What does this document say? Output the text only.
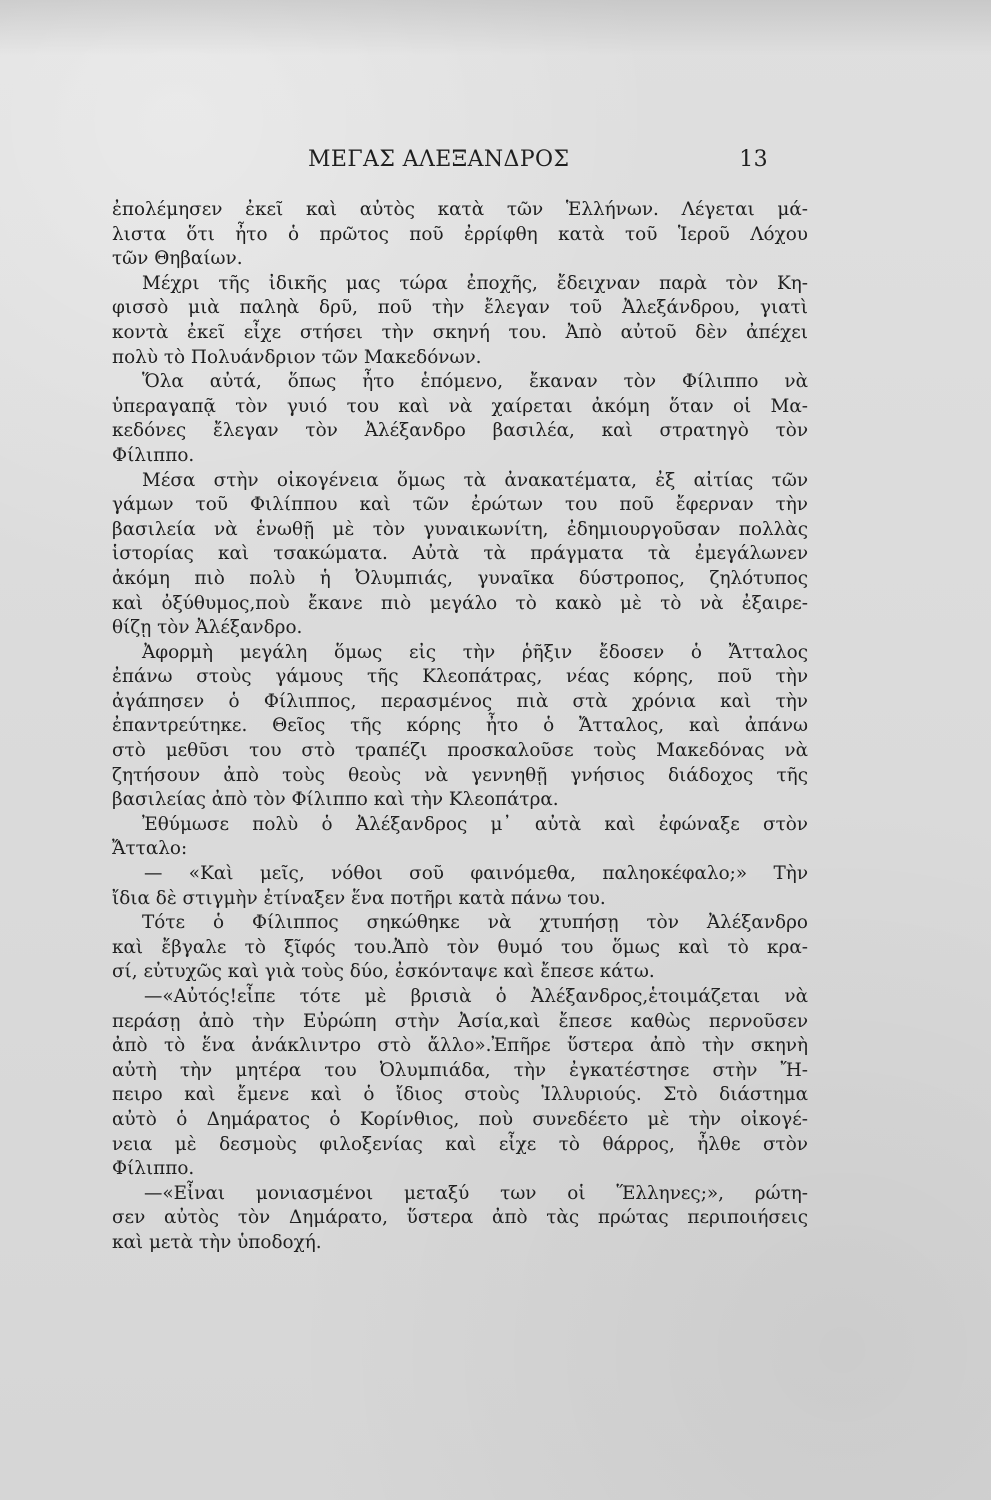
ΜΕΓΑΣ ΑΛΕΞΑΝΔΡΟΣ	13
ἐπολέμησεν ἐκεῖ καὶ αὐτὸς κατὰ τῶν Ἑλλήνων. Λέγεται μά-
λιστα ὅτι ἦτο ὁ πρῶτος ποῦ ἐρρίφθη κατὰ τοῦ Ἱεροῦ Λόχου
τῶν Θηβαίων.
Μέχρι τῆς ἰδικῆς μας τώρα ἐποχῆς, ἔδειχναν παρὰ τὸν Κη-
φισσὸ μιὰ παληὰ δρῦ, ποῦ τὴν ἔλεγαν τοῦ Ἀλεξάνδρου, γιατὶ
κοντὰ ἐκεῖ εἶχε στήσει τὴν σκηνή του. Ἀπὸ αὐτοῦ δὲν ἀπέχει
πολὺ τὸ Πολυάνδριον τῶν Μακεδόνων.
Ὅλα αὐτά, ὅπως ἦτο ἑπόμενο, ἔκαναν τὸν Φίλιππο νὰ
ὑπεραγαπᾷ τὸν γυιό του καὶ νὰ χαίρεται ἀκόμη ὅταν οἱ Μα-
κεδόνες ἔλεγαν τὸν Ἀλέξανδρο βασιλέα, καὶ στρατηγὸ τὸν
Φίλιππο.
Μέσα στὴν οἰκογένεια ὅμως τὰ ἀνακατέματα, ἐξ αἰτίας τῶν
γάμων τοῦ Φιλίππου καὶ τῶν ἐρώτων του ποῦ ἔφερναν τὴν
βασιλεία νὰ ἑνωθῇ μὲ τὸν γυναικωνίτη, ἐδημιουργοῦσαν πολλὰς
ἱστορίας καὶ τσακώματα. Αὐτὰ τὰ πράγματα τὰ ἐμεγάλωνεν
ἀκόμη πιὸ πολὺ ἡ Ὀλυμπιάς, γυναῖκα δύστροπος, ζηλότυπος
καὶ ὀξύθυμος,ποὺ ἔκανε πιὸ μεγάλο τὸ κακὸ μὲ τὸ νὰ ἐξαιρε-
θίζῃ τὸν Ἀλέξανδρο.
Ἀφορμὴ μεγάλη ὅμως εἰς τὴν ῥῆξιν ἔδοσεν ὁ Ἄτταλος
ἐπάνω στοὺς γάμους τῆς Κλεοπάτρας, νέας κόρης, ποῦ τὴν
ἀγάπησεν ὁ Φίλιππος, περασμένος πιὰ στὰ χρόνια καὶ τὴν
ἐπαντρεύτηκε. Θεῖος τῆς κόρης ἦτο ὁ Ἄτταλος, καὶ ἀπάνω
στὸ μεθῦσι του στὸ τραπέζι προσκαλοῦσε τοὺς Μακεδόνας νὰ
ζητήσουν ἀπὸ τοὺς θεοὺς νὰ γεννηθῇ γνήσιος διάδοχος τῆς
βασιλείας ἀπὸ τὸν Φίλιππο καὶ τὴν Κλεοπάτρα.
Ἐθύμωσε πολὺ ὁ Ἀλέξανδρος μ᾿ αὐτὰ καὶ ἐφώναξε στὸν
Ἄτταλο:
— «Καὶ μεῖς, νόθοι σοῦ φαινόμεθα, παληοκέφαλο;» Τὴν
ἴδια δὲ στιγμὴν ἐτίναξεν ἕνα ποτῆρι κατὰ πάνω του.
Τότε ὁ Φίλιππος σηκώθηκε νὰ χτυπήσῃ τὸν Ἀλέξανδρο
καὶ ἔβγαλε τὸ ξῖφός του.Ἀπὸ τὸν θυμό του ὅμως καὶ τὸ κρα-
σί, εὐτυχῶς καὶ γιὰ τοὺς δύο, ἐσκόνταψε καὶ ἔπεσε κάτω.
—«Αὐτός!εἶπε τότε μὲ βρισιὰ ὁ Ἀλέξανδρος,ἑτοιμάζεται νὰ
περάσῃ ἀπὸ τὴν Εὐρώπη στὴν Ἀσία,καὶ ἔπεσε καθὼς περνοῦσεν
ἀπὸ τὸ ἕνα ἀνάκλιντρο στὸ ἄλλο».Ἐπῆρε ὕστερα ἀπὸ τὴν σκηνὴ
αὐτὴ τὴν μητέρα του Ὀλυμπιάδα, τὴν ἐγκατέστησε στὴν Ἤ-
πειρο καὶ ἔμενε καὶ ὁ ἴδιος στοὺς Ἰλλυριούς. Στὸ διάστημα
αὐτὸ ὁ Δημάρατος ὁ Κορίνθιος, ποὺ συνεδέετο μὲ τὴν οἰκογέ-
νεια μὲ δεσμοὺς φιλοξενίας καὶ εἶχε τὸ θάρρος, ἦλθε στὸν
Φίλιππο.
—«Εἶναι μονιασμένοι μεταξύ των οἱ Ἕλληνες;», ρώτη-
σεν αὐτὸς τὸν Δημάρατο, ὕστερα ἀπὸ τὰς πρώτας περιποιήσεις
καὶ μετὰ τὴν ὑποδοχή.
